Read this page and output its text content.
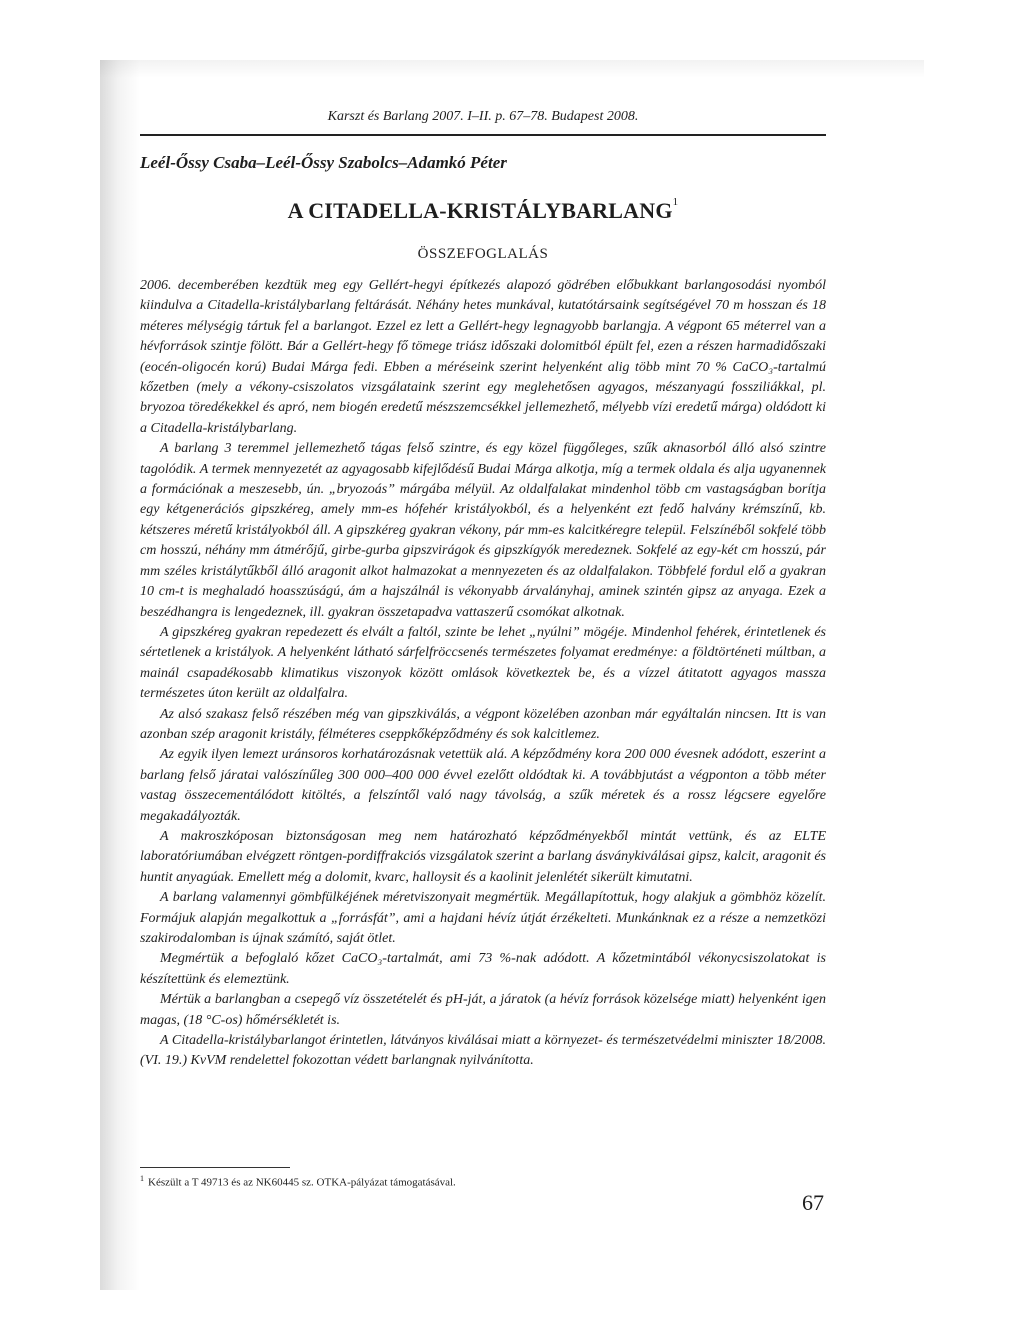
Karszt és Barlang 2007. I–II. p. 67–78. Budapest 2008.
Leél-Őssy Csaba–Leél-Őssy Szabolcs–Adamkó Péter
A CITADELLA-KRISTÁLYBARLANG$^1$
ÖSSZEFOGLALÁS

2006. decemberében kezdtük meg egy Gellért-hegyi építkezés alapozó gödrében előbukkant barlangosodási nyomból kiindulva a Citadella-kristálybarlang feltárását. Néhány hetes munkával, kutatótársaink segítségével 70 m hosszan és 18 méteres mélységig tártuk fel a barlangot. Ezzel ez lett a Gellért-hegy legnagyobb barlangja. A végpont 65 méterrel van a hévforrások szintje fölött. Bár a Gellért-hegy fő tömege triász időszaki dolomitból épült fel, ezen a részen harmadidőszaki (eocén-oligocén korú) Budai Márga fedi. Ebben a méréseink szerint helyenként alig több mint 70 % CaCO₃-tartalmú kőzetben (mely a vékony-csiszolatos vizsgálataink szerint egy meglehetősen agyagos, mészanyagú fossziliákkal, pl. bryozoa töredékekkel és apró, nem biogén eredetű mészszemcsékkel jellemezhető, mélyebb vízi eredetű márga) oldódott ki a Citadella-kristálybarlang.

A barlang 3 teremmel jellemezhető tágas felső szintre, és egy közel függőleges, szűk aknasorból álló alsó szintre tagolódik. A termek mennyezetét az agyagosabb kifejlődésű Budai Márga alkotja, míg a termek oldala és alja ugyanennek a formációnak a meszesebb, ún. „bryozoás” márgába mélyül. Az oldalfalakat mindenhol több cm vastagságban borítja egy kétgenerációs gipszkéreg, amely mm-es hófehér kristályokból, és a helyenként ezt fedő halvány krémszínű, kb. kétszeres méretű kristályokból áll. A gipszkéreg gyakran vékony, pár mm-es kalcitkéregre települ. Felszínéből sokfelé több cm hosszú, néhány mm átmérőjű, girbe-gurba gipszvirágok és gipszkígyók meredeznek. Sokfelé az egy-két cm hosszú, pár mm széles kristálytűkből álló aragonit alkot halmazokat a mennyezeten és az oldalfalakon. Többfelé fordul elő a gyakran 10 cm-t is meghaladó hoasszúságú, ám a hajszálnál is vékonyabb árvalányhaj, aminek szintén gipsz az anyaga. Ezek a beszédhangra is lengedeznek, ill. gyakran összetapadva vattaszerű csomókat alkotnak.

A gipszkéreg gyakran repedezett és elvált a faltól, szinte be lehet „nyúlni” mögéje. Mindenhol fehérek, érintetlenek és sértetlenek a kristályok. A helyenként látható sárfelfröccsenés természetes folyamat eredménye: a földtörténeti múltban, a mainál csapadékosabb klimatikus viszonyok között omlások következtek be, és a vízzel átitatott agyagos massza természetes úton került az oldalfalra.

Az alsó szakasz felső részében még van gipszkiválás, a végpont közelében azonban már egyáltalán nincsen. Itt is van azonban szép aragonit kristály, félméteres cseppkőképződmény és sok kalcitlemez.

Az egyik ilyen lemezt uránsoros korhatározásnak vetettük alá. A képződmény kora 200 000 évesnek adódott, eszerint a barlang felső járatai valószínűleg 300 000–400 000 évvel ezelőtt oldódtak ki. A továbbjutást a végponton a több méter vastag összecementálódott kitöltés, a felszíntől való nagy távolság, a szűk méretek és a rossz légcsere egyelőre megakadályozták.

A makroszkóposan biztonságosan meg nem határozható képződményekből mintát vettünk, és az ELTE laboratóriumában elvégzett röntgen-pordiffrakciós vizsgálatok szerint a barlang ásványkiválásai gipsz, kalcit, aragonit és huntit anyagúak. Emellett még a dolomit, kvarc, halloysit és a kaolinit jelenlétét sikerült kimutatni.

A barlang valamennyi gömbfülkéjének méretviszonyait megmértük. Megállapítottuk, hogy alakjuk a gömbhöz közelít. Formájuk alapján megalkottuk a „forrásfát”, ami a hajdani hévíz útját érzékelteti. Munkánknak ez a része a nemzetközi szakirodalomban is újnak számító, saját ötlet.

Megmértük a befoglaló kőzet CaCO₃-tartalmát, ami 73 %-nak adódott. A kőzetmintából vékonycsiszolatokat is készítettünk és elemeztünk.

Mértük a barlangban a csepegő víz összetételét és pH-ját, a járatok (a hévíz források közelsége miatt) helyenként igen magas, (18 °C-os) hőmérsékletét is.

A Citadella-kristálybarlangot érintetlen, látványos kiválásai miatt a környezet- és természetvédelmi miniszter 18/2008. (VI. 19.) KvVM rendelettel fokozottan védett barlangnak nyilvánította.

$^1$ Készült a T 49713 és az NK60445 sz. OTKA-pályázat támogatásával.
67
